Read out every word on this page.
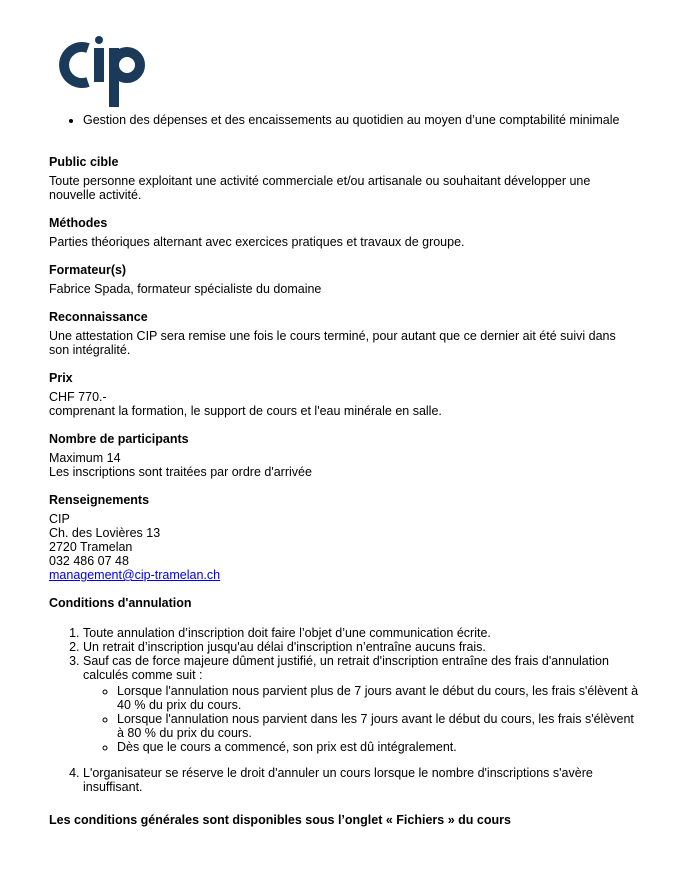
• Gestion des dépenses et des encaissements au quotidien au moyen d’une comptabilité minimale
Public cible

Toute personne exploitant une activité commerciale et/ou artisanale ou souhaitant développer une nouvelle activité.

Méthodes

Parties théoriques alternant avec exercices pratiques et travaux de groupe.

Formateur(s)

Fabrice Spada, formateur spécialiste du domaine

Reconnaissance

Une attestation CIP sera remise une fois le cours terminé, pour autant que ce dernier ait été suivi dans son intégralité.

Prix

CHF 770.-
comprenant la formation, le support de cours et l'eau minérale en salle.

Nombre de participants

Maximum 14
Les inscriptions sont traitées par ordre d'arrivée

Renseignements

CIP
Ch. des Lovières 13
2720 Tramelan
032 486 07 48
management@cip-tramelan.ch

Conditions d'annulation
1. Toute annulation d’inscription doit faire l’objet d’une communication écrite.
2. Un retrait d’inscription jusqu'au délai d'inscription n’entraîne aucuns frais.
3. Sauf cas de force majeure dûment justifié, un retrait d'inscription entraîne des frais d'annulation calculés comme suit :
◦ Lorsque l'annulation nous parvient plus de 7 jours avant le début du cours, les frais s'élèvent à 40 % du prix du cours.
◦ Lorsque l'annulation nous parvient dans les 7 jours avant le début du cours, les frais s'élèvent à 80 % du prix du cours.
◦ Dès que le cours a commencé, son prix est dû intégralement.
4. L'organisateur se réserve le droit d'annuler un cours lorsque le nombre d'inscriptions s'avère insuffisant.
Les conditions générales sont disponibles sous l’onglet « Fichiers » du cours
